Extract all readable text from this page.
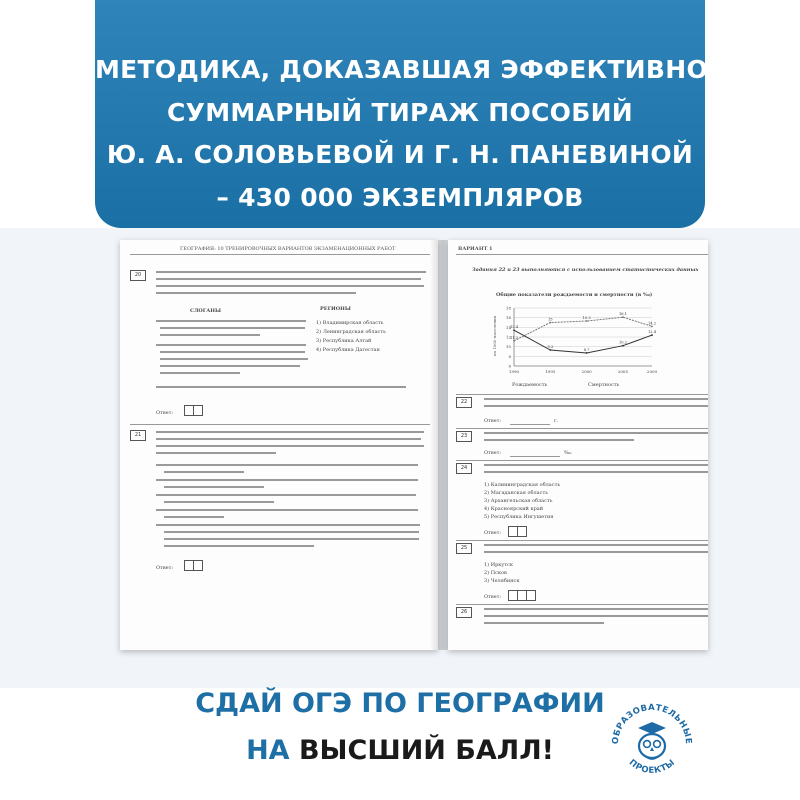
МЕТОДИКА, ДОКАЗАВШАЯ ЭФФЕКТИВНОСТЬ:
СУММАРНЫЙ ТИРАЖ ПОСОБИЙ
Ю. А. СОЛОВЬЕВОЙ И Г. Н. ПАНЕВИНОЙ
– 430 000 ЭКЗЕМПЛЯРОВ
ГЕОГРАФИЯ: 10 ТРЕНИРОВОЧНЫХ ВАРИАНТОВ ЭКЗАМЕНАЦИОННЫХ РАБОТ
20
СЛОГАНЫ	РЕГИОНЫ
1) Владимирская область
2) Ленинградская область
3) Республика Алтай
4) Республика Дагестан
Ответ:
21
Ответ:
ВАРИАНТ 1
Задания 22 и 23 выполняются с использованием статистических данных
Общие показатели рождаемости и смертности (в ‰)
на 1000 населения
6
8
10
12
14
16
18
1990	1995	2000	2005	2009
13.4
9.3
8.7
10.2
12.4
11.2
15	15.3
16.1
14.2
Рождаемость	Смертность
22
Ответ:	г.
23
Ответ:	‰.
24
1) Калининградская область
2) Магаданская область
3) Архангельская область
4) Красноярский край
5) Республика Ингушетия
Ответ:
25
1) Иркутск
2) Псков
3) Челябинск
Ответ:
26
СДАЙ ОГЭ ПО ГЕОГРАФИИ
НА ВЫСШИЙ БАЛЛ!	ОБРАЗОВАТЕЛЬНЫЕ
ПРОЕКТЫ
